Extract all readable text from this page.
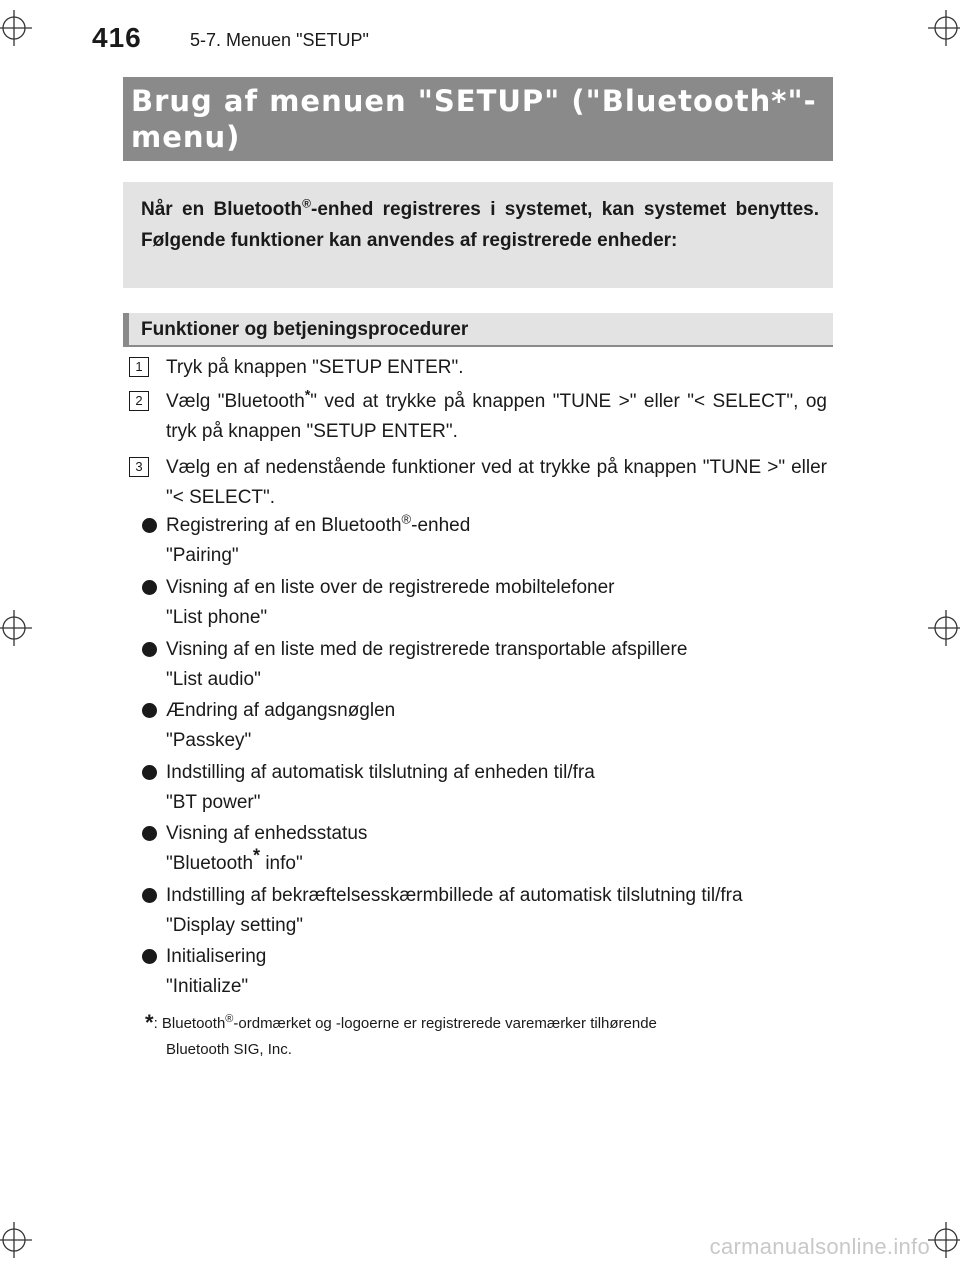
416	5-7. Menuen "SETUP"
Brug af menuen "SETUP" ("Bluetooth*"-
menu)
Når en Bluetooth®-enhed registreres i systemet, kan systemet benyttes. Følgende funktioner kan anvendes af registrerede enheder:
Funktioner og betjeningsprocedurer
1	Tryk på knappen "SETUP ENTER".
2	Vælg "Bluetooth*" ved at trykke på knappen "TUNE >" eller "< SELECT", og tryk på knappen "SETUP ENTER".
3	Vælg en af nedenstående funktioner ved at trykke på knappen "TUNE >" eller "< SELECT".
Registrering af en Bluetooth®-enhed
"Pairing"
Visning af en liste over de registrerede mobiltelefoner
"List phone"
Visning af en liste med de registrerede transportable afspillere
"List audio"
Ændring af adgangsnøglen
"Passkey"
Indstilling af automatisk tilslutning af enheden til/fra
"BT power"
Visning af enhedsstatus
"Bluetooth* info"
Indstilling af bekræftelsesskærmbillede af automatisk tilslutning til/fra
"Display setting"
Initialisering
"Initialize"
*: Bluetooth®-ordmærket og -logoerne er registrerede varemærker tilhørende
Bluetooth SIG, Inc.
carmanualsonline.info
